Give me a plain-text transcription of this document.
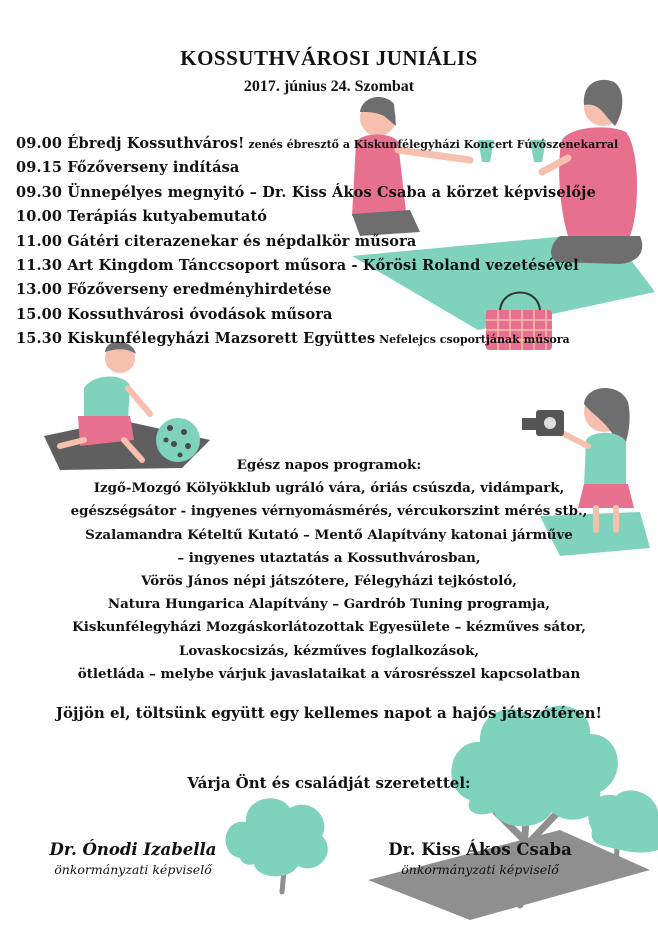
KOSSUTHVÁROSI JUNIÁLIS
2017. június 24. Szombat
09.00 Ébredj Kossuthváros! zenés ébresztő a Kiskunfélegyházi Koncert Fúvószenekarral
09.15 Főzőverseny indítása
09.30 Ünnepélyes megnyitó – Dr. Kiss Ákos Csaba a körzet képviselője
10.00 Terápiás kutyabemutató
11.00 Gátéri citerazenekar és népdalkör műsora
11.30 Art Kingdom Tánccsoport műsora - Kőrösi Roland vezetésével
13.00 Főzőverseny eredményhirdetése
15.00 Kossuthvárosi óvodások műsora
15.30 Kiskunfélegyházi Mazsorett Együttes Nefelejcs csoportjának műsora
Egész napos programok:
Izgő-Mozgó Kölyökklub ugráló vára, óriás csúszda, vidámpark,
egészségsátor - ingyenes vérnyomásmérés, vércukorszint mérés stb.,
Szalamandra Kételtű Kutató – Mentő Alapítvány katonai járműve
– ingyenes utaztatás a Kossuthvárosban,
Vörös János népi játszótere, Félegyházi tejkóstoló,
Natura Hungarica Alapítvány – Gardrób Tuning programja,
Kiskunfélegyházi Mozgáskorlátozottak Egyesülete – kézműves sátor,
Lovaskocsizás, kézműves foglalkozások,
ötletláda – melybe várjuk javaslataikat a városrésszel kapcsolatban
Jöjjön el, töltsünk együtt egy kellemes napot a hajós játszótéren!
Várja Önt és családját szeretettel:
Dr. Ónodi Izabella
önkormányzati képviselő
Dr. Kiss Ákos Csaba
önkormányzati képviselő
